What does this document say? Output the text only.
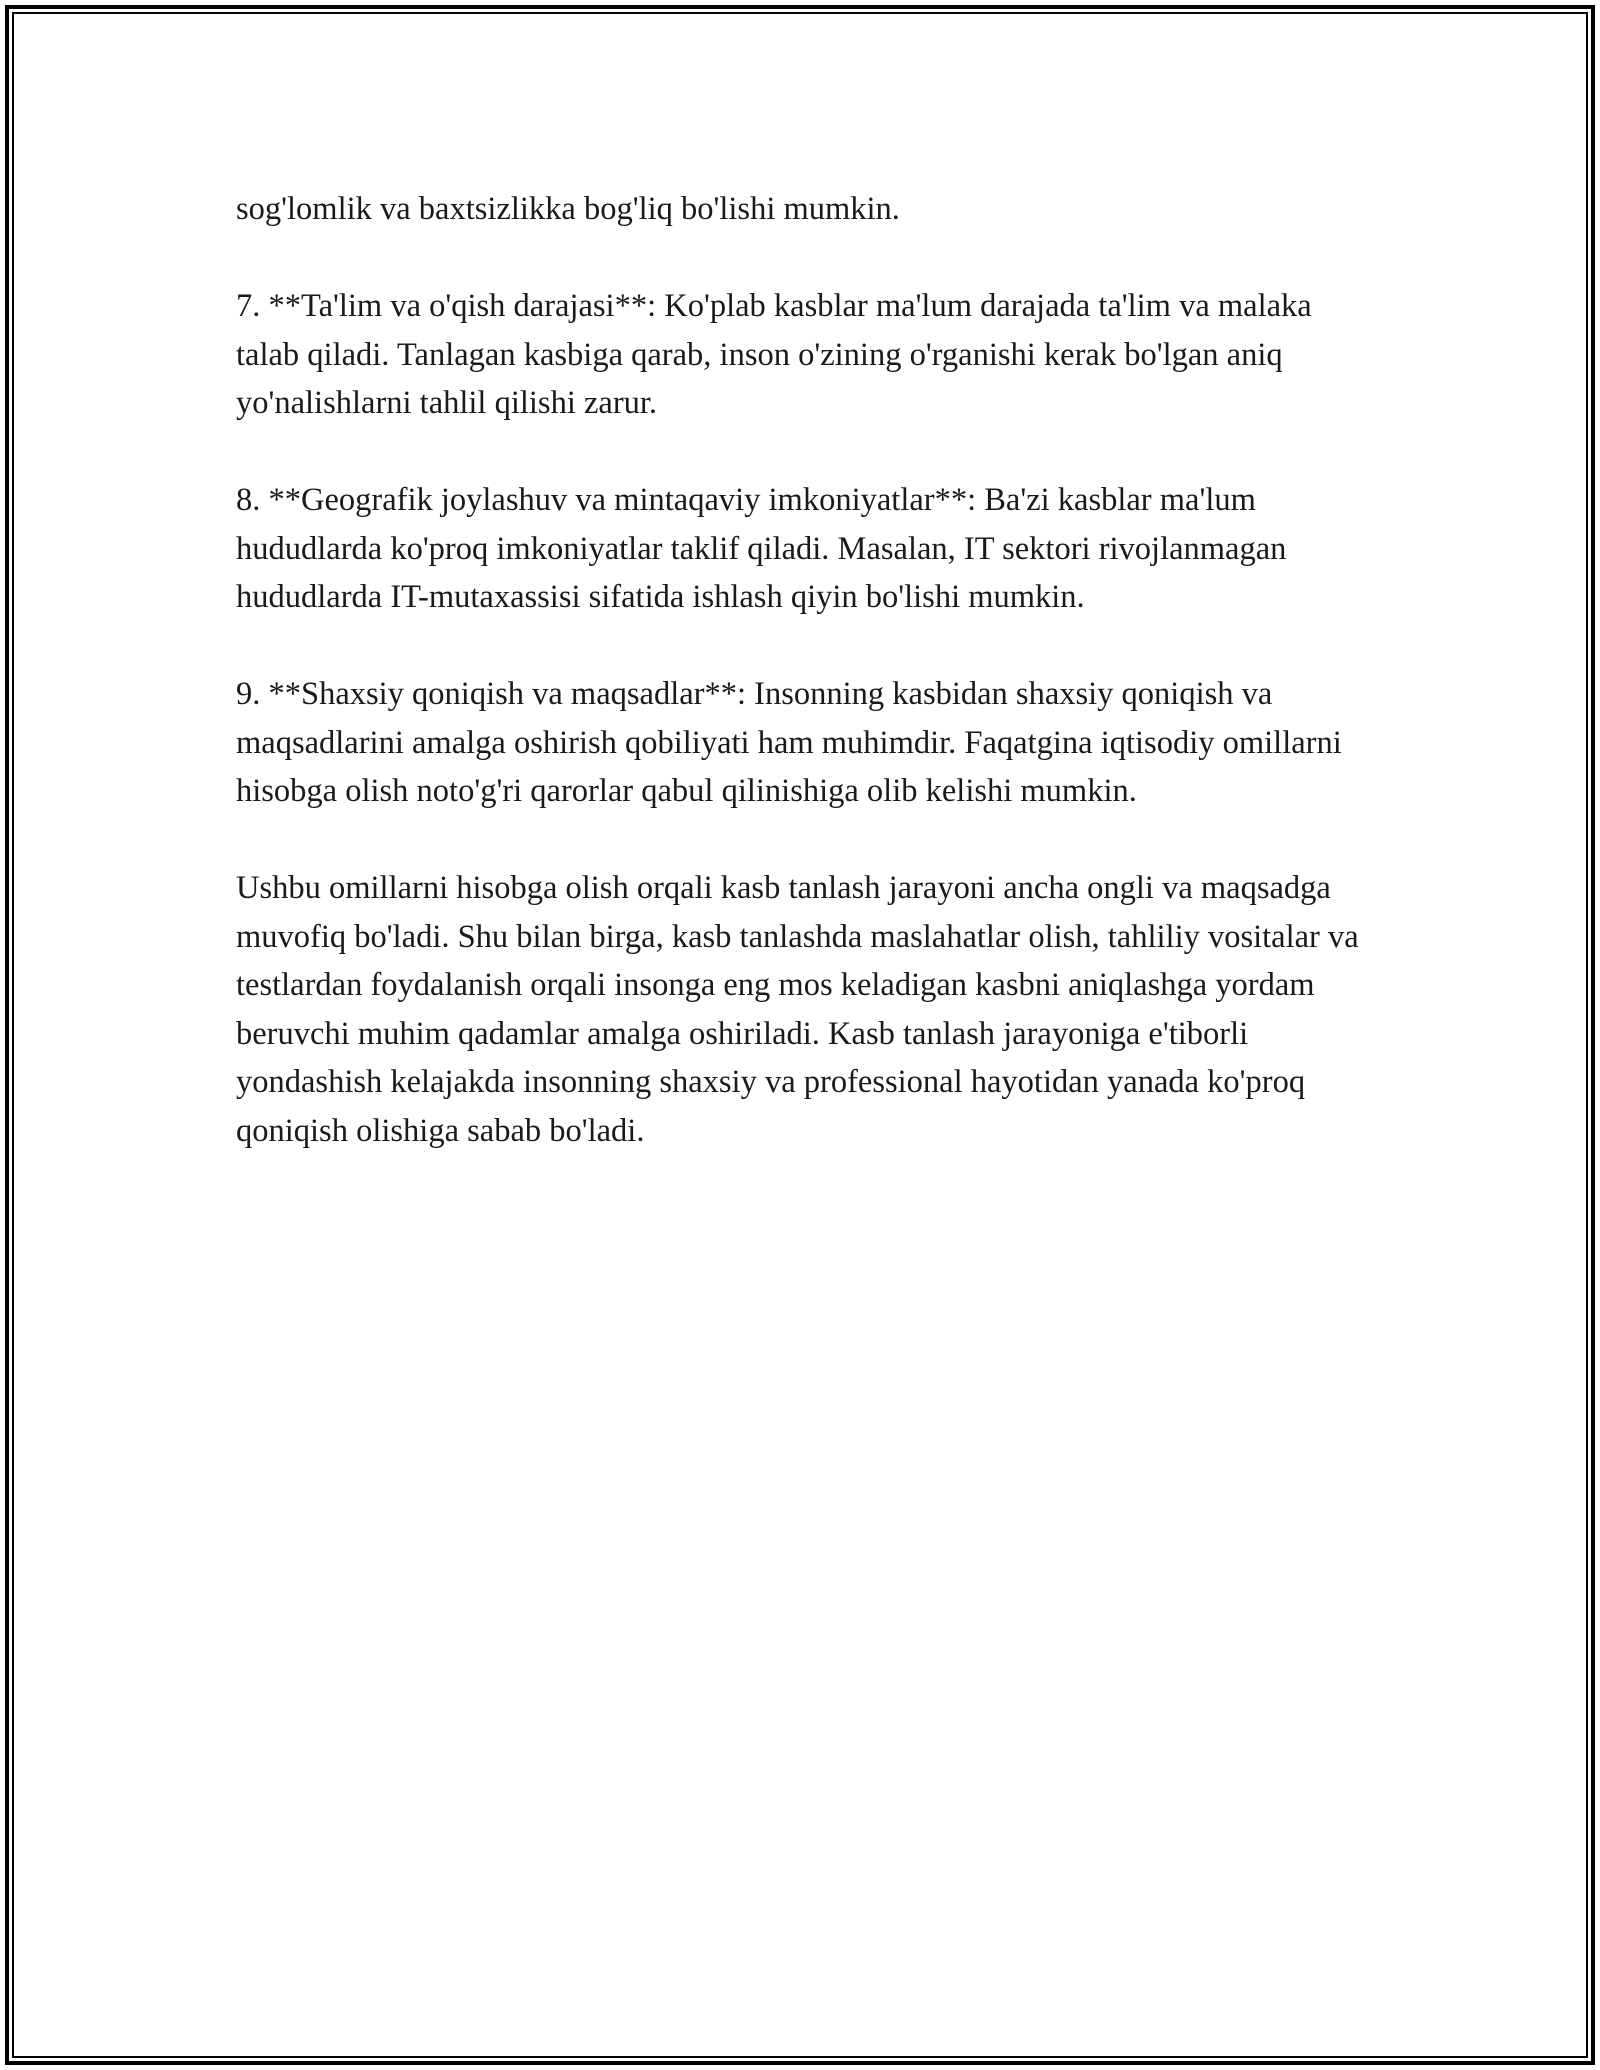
sog'lomlik va baxtsizlikka bog'liq bo'lishi mumkin.

7. **Ta'lim va o'qish darajasi**: Ko'plab kasblar ma'lum darajada ta'lim va malaka talab qiladi. Tanlagan kasbiga qarab, inson o'zining o'rganishi kerak bo'lgan aniq yo'nalishlarni tahlil qilishi zarur.

8. **Geografik joylashuv va mintaqaviy imkoniyatlar**: Ba'zi kasblar ma'lum hududlarda ko'proq imkoniyatlar taklif qiladi. Masalan, IT sektori rivojlanmagan hududlarda IT-mutaxassisi sifatida ishlash qiyin bo'lishi mumkin.

9. **Shaxsiy qoniqish va maqsadlar**: Insonning kasbidan shaxsiy qoniqish va maqsadlarini amalga oshirish qobiliyati ham muhimdir. Faqatgina iqtisodiy omillarni hisobga olish noto'g'ri qarorlar qabul qilinishiga olib kelishi mumkin.

Ushbu omillarni hisobga olish orqali kasb tanlash jarayoni ancha ongli va maqsadga muvofiq bo'ladi. Shu bilan birga, kasb tanlashda maslahatlar olish, tahliliy vositalar va testlardan foydalanish orqali insonga eng mos keladigan kasbni aniqlashga yordam beruvchi muhim qadamlar amalga oshiriladi. Kasb tanlash jarayoniga e'tiborli yondashish kelajakda insonning shaxsiy va professional hayotidan yanada ko'proq qoniqish olishiga sabab bo'ladi.
